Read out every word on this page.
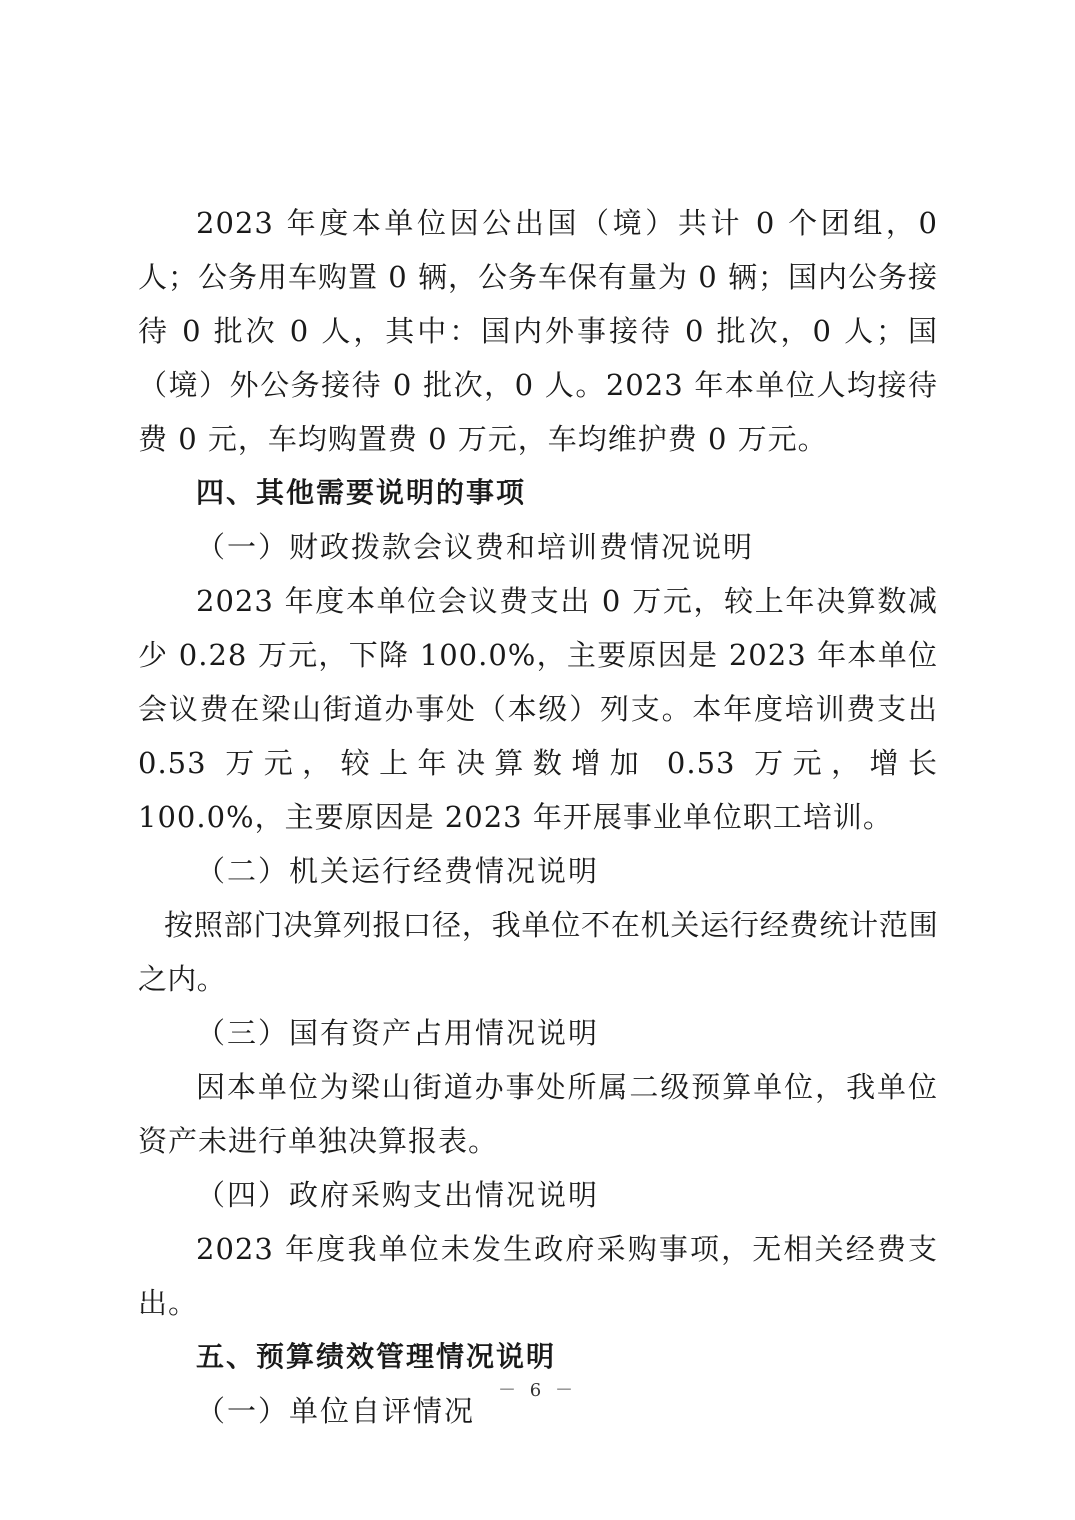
2023 年度本单位因公出国（境）共计 0 个团组，0 人；公务用车购置 0 辆，公务车保有量为 0 辆；国内公务接待 0 批次 0 人，其中：国内外事接待 0 批次，0 人；国（境）外公务接待 0 批次，0 人。2023 年本单位人均接待费 0 元，车均购置费 0 万元，车均维护费 0 万元。

四、其他需要说明的事项

（一）财政拨款会议费和培训费情况说明

2023 年度本单位会议费支出 0 万元，较上年决算数减少 0.28 万元，下降 100.0%，主要原因是 2023 年本单位会议费在梁山街道办事处（本级）列支。本年度培训费支出 0.53 万元，较上年决算数增加 0.53 万元，增长 100.0%，主要原因是 2023 年开展事业单位职工培训。

（二）机关运行经费情况说明

按照部门决算列报口径，我单位不在机关运行经费统计范围之内。

（三）国有资产占用情况说明

因本单位为梁山街道办事处所属二级预算单位，我单位资产未进行单独决算报表。

（四）政府采购支出情况说明

2023 年度我单位未发生政府采购事项，无相关经费支出。

五、预算绩效管理情况说明

（一）单位自评情况

－ 6 －
